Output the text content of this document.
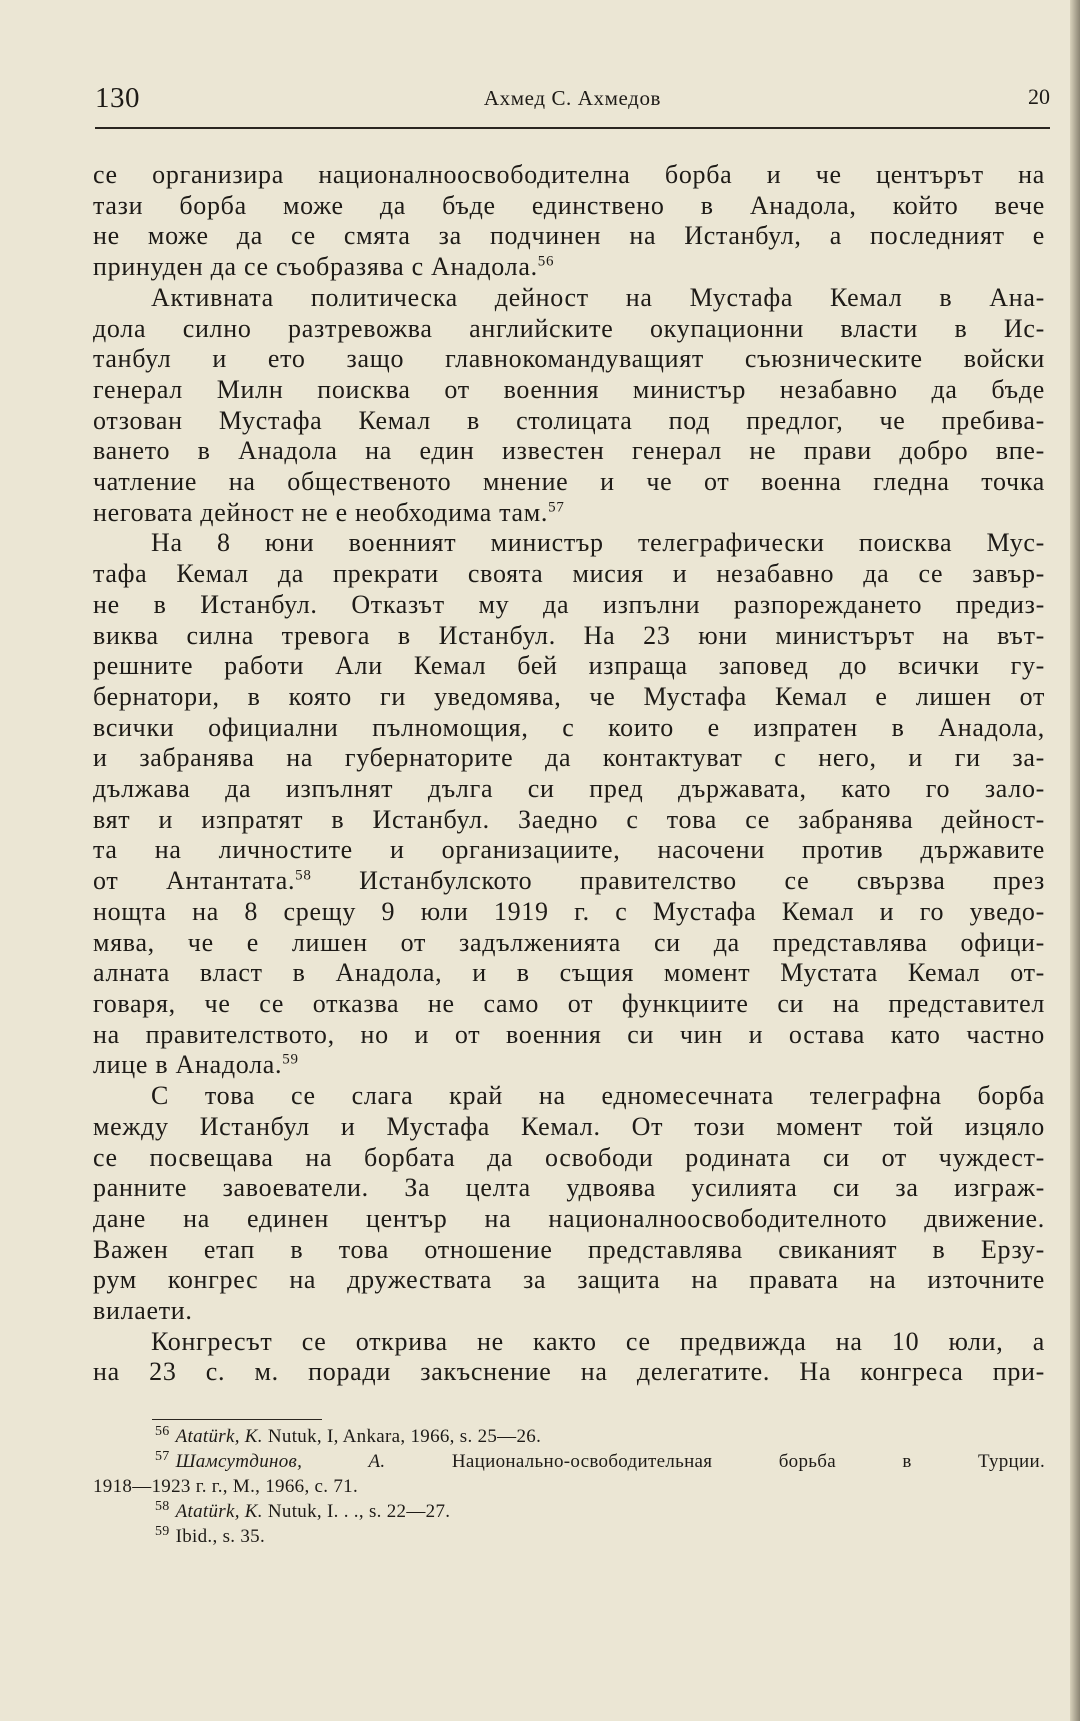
130	Ахмед С. Ахмедов	20
се организира националноосвободителна борба и че центърът на
тази борба може да бъде единствено в Анадола, който вече
не може да се смята за подчинен на Истанбул, а последният е
принуден да се съобразява с Анадола.$^{56}$
Активната политическа дейност на Мустафа Кемал в Ана-
дола силно разтревожва английските окупационни власти в Ис-
танбул и ето защо главнокомандуващият съюзническите войски
генерал Милн поисква от военния министър незабавно да бъде
отзован Мустафа Кемал в столицата под предлог, че пребива-
ването в Анадола на един известен генерал не прави добро впе-
чатление на общественото мнение и че от военна гледна точка
неговата дейност не е необходима там.$^{57}$
На 8 юни военният министър телеграфически поисква Мус-
тафа Кемал да прекрати своята мисия и незабавно да се завър-
не в Истанбул. Отказът му да изпълни разпореждането предиз-
виква силна тревога в Истанбул. На 23 юни министърът на вът-
решните работи Али Кемал бей изпраща заповед до всички гу-
бернатори, в която ги уведомява, че Мустафа Кемал е лишен от
всички официални пълномощия, с които е изпратен в Анадола,
и забранява на губернаторите да контактуват с него, и ги за-
дължава да изпълнят дълга си пред държавата, като го зало-
вят и изпратят в Истанбул. Заедно с това се забранява дейност-
та на личностите и организациите, насочени против държавите
от Антантата.$^{58}$ Истанбулското правителство се свързва през
нощта на 8 срещу 9 юли 1919 г. с Мустафа Кемал и го уведо-
мява, че е лишен от задълженията си да представлява офици-
алната власт в Анадола, и в същия момент Мустата Кемал от-
говаря, че се отказва не само от функциите си на представител
на правителството, но и от военния си чин и остава като частно
лице в Анадола.$^{59}$
С това се слага край на едномесечната телеграфна борба
между Истанбул и Мустафа Кемал. От този момент той изцяло
се посвещава на борбата да освободи родината си от чуждест-
ранните завоеватели. За целта удвоява усилията си за изграж-
дане на единен център на националноосвободителното движение.
Важен етап в това отношение представлява свиканият в Ерзу-
рум конгрес на дружествата за защита на правата на източните
вилаети.
Конгресът се открива не както се предвижда на 10 юли, а
на 23 с. м. поради закъснение на делегатите. На конгреса при-
$^{56}$ Atatürk, K. Nutuk, I, Ankara, 1966, s. 25—26.
$^{57}$ Шамсутдинов, А. Национально-освободительная борьба в Турции.
1918—1923 г. г., М., 1966, с. 71.
$^{58}$ Atatürk, K. Nutuk, I. . ., s. 22—27.
$^{59}$ Ibid., s. 35.
